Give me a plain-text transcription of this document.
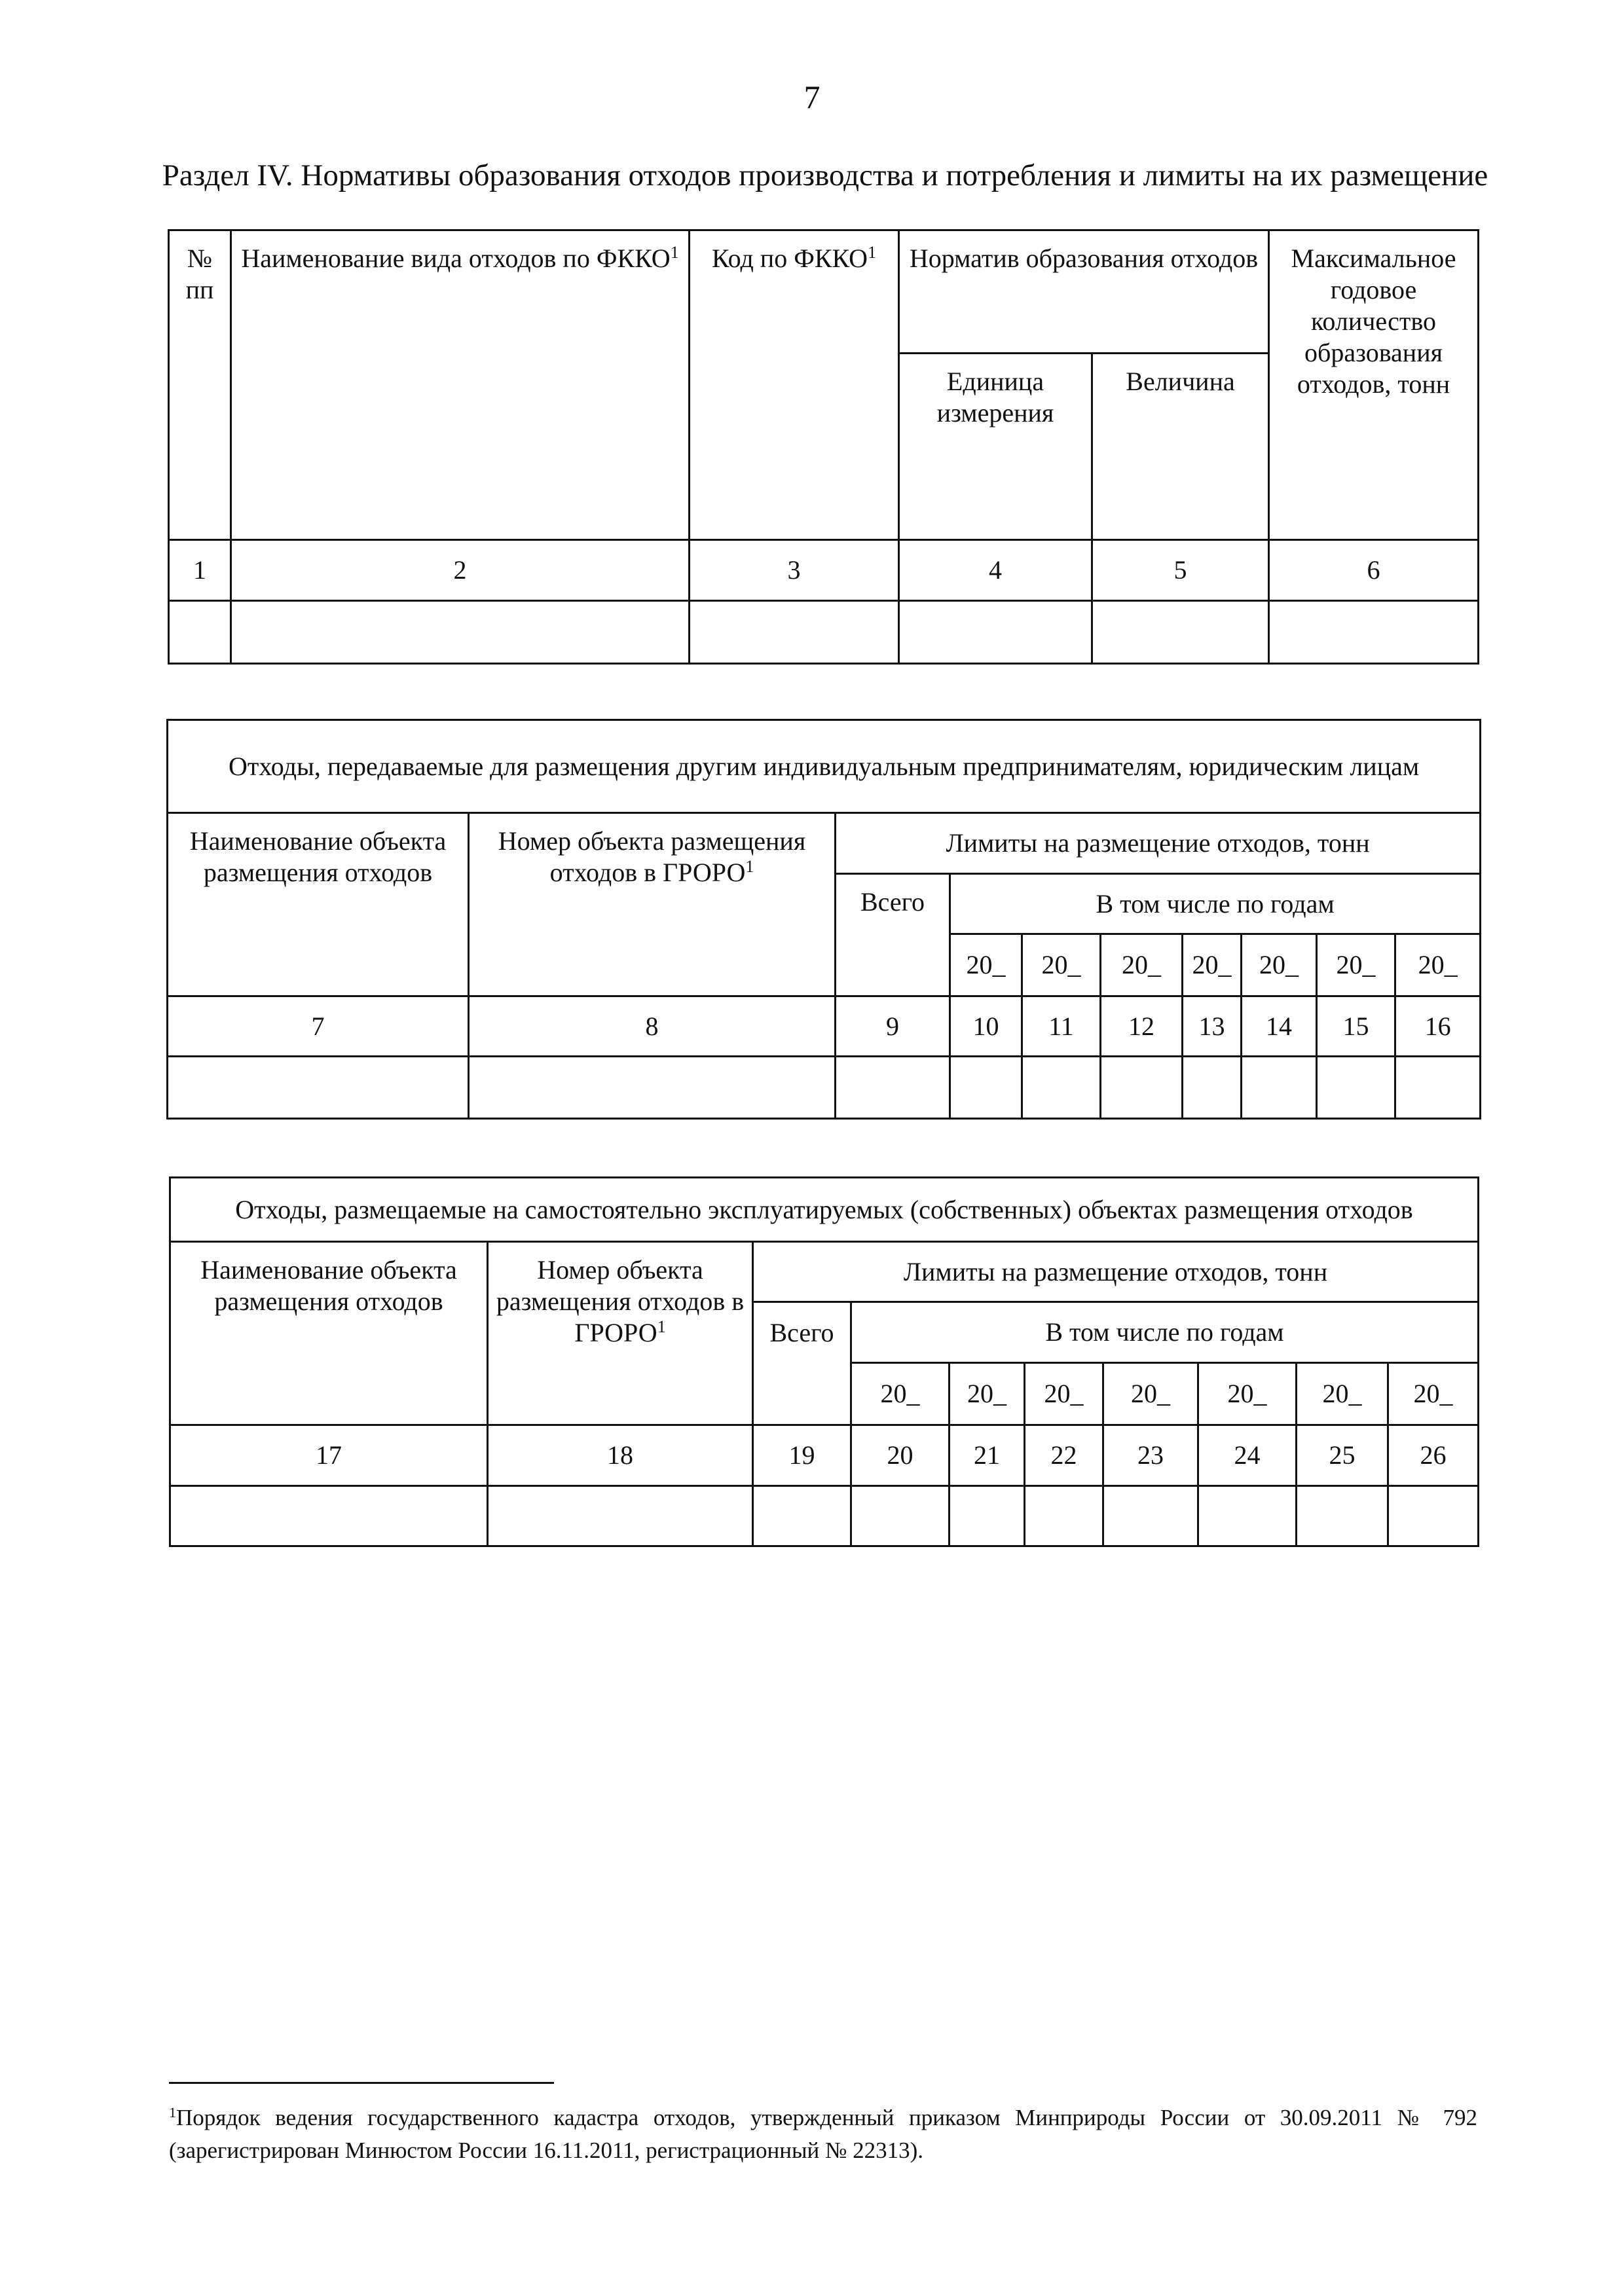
7
Раздел IV. Нормативы образования отходов производства и потребления и лимиты на их размещение
№ пп	Наименование вида отходов по ФККО$^1$	Код по ФККО$^1$	Норматив образования отходов		Максимальное годовое количество образования отходов, тонн
			Единица измерения	Величина	
1	2	3	4	5	6

Отходы, передаваемые для размещения другим индивидуальным предпринимателям, юридическим лицам									
Наименование объекта размещения отходов	Номер объекта размещения отходов в ГРОРО$^1$	Лимиты на размещение отходов, тонн							
		Всего	В том числе по годам						
			20_	20_	20_	20_	20_	20_	20_
7	8	9	10	11	12	13	14	15	16

Отходы, размещаемые на самостоятельно эксплуатируемых (собственных) объектах размещения отходов									
Наименование объекта размещения отходов	Номер объекта размещения отходов в ГРОРО$^1$	Лимиты на размещение отходов, тонн							
		Всего	В том числе по годам						
			20_	20_	20_	20_	20_	20_	20_
17	18	19	20	21	22	23	24	25	26

$^1$Порядок ведения государственного кадастра отходов, утвержденный приказом Минприроды России от 30.09.2011 № 792
(зарегистрирован Минюстом России 16.11.2011, регистрационный № 22313).
